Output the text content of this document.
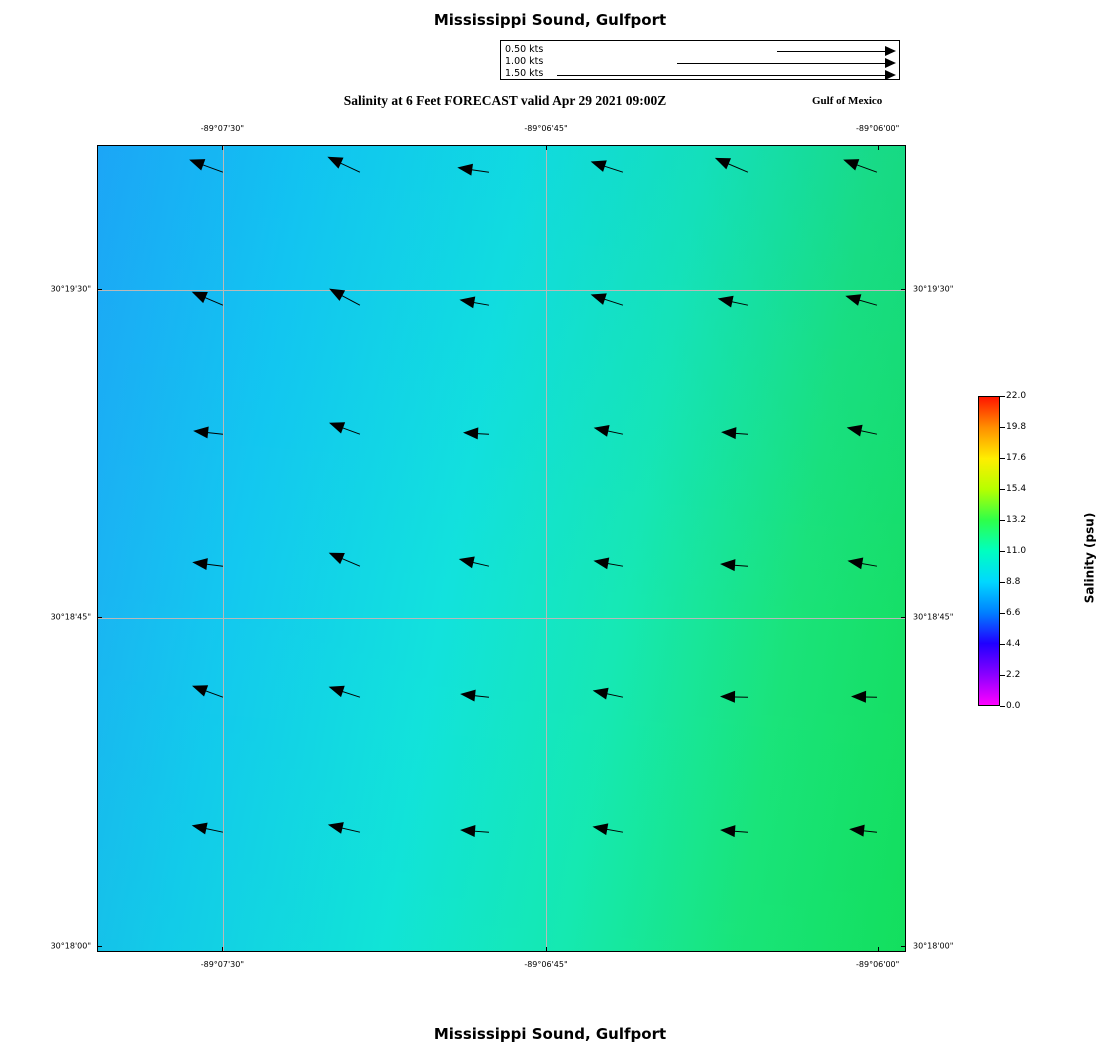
Mississippi Sound, Gulfport
0.50 kts
1.00 kts
1.50 kts
Salinity at 6 Feet FORECAST valid Apr 29 2021 09:00Z	Gulf of Mexico
-89°07'30"
-89°07'30"
-89°06'45"
-89°06'45"
-89°06'00"
-89°06'00"
30°19'30"	30°19'30"
30°18'45"	30°18'45"
30°18'00"	30°18'00"
22.0
19.8
17.6
15.4
13.2
11.0
8.8
6.6
4.4
2.2
0.0
Salinity (psu)
Mississippi Sound, Gulfport
